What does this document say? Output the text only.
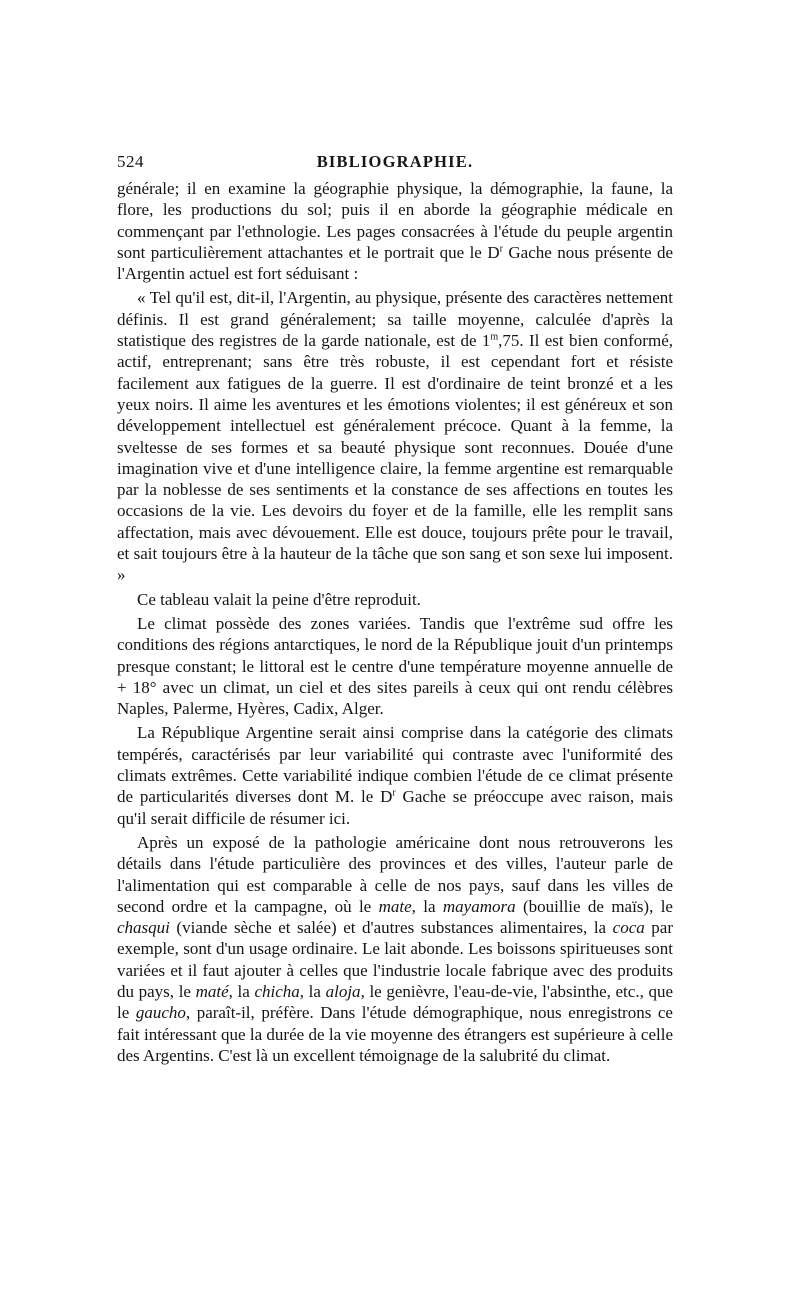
524	BIBLIOGRAPHIE.

générale; il en examine la géographie physique, la démographie, la faune, la flore, les productions du sol; puis il en aborde la géographie médicale en commençant par l'ethnologie. Les pages consacrées à l'étude du peuple argentin sont particulièrement attachantes et le portrait que le $D^r$ Gache nous présente de l'Argentin actuel est fort séduisant :

« Tel qu'il est, dit-il, l'Argentin, au physique, présente des caractères nettement définis. Il est grand généralement; sa taille moyenne, calculée d'après la statistique des registres de la garde nationale, est de 1$^m$,75. Il est bien conformé, actif, entreprenant; sans être très robuste, il est cependant fort et résiste facilement aux fatigues de la guerre. Il est d'ordinaire de teint bronzé et a les yeux noirs. Il aime les aventures et les émotions violentes; il est généreux et son développement intellectuel est généralement précoce. Quant à la femme, la sveltesse de ses formes et sa beauté physique sont reconnues. Douée d'une imagination vive et d'une intelligence claire, la femme argentine est remarquable par la noblesse de ses sentiments et la constance de ses affections en toutes les occasions de la vie. Les devoirs du foyer et de la famille, elle les remplit sans affectation, mais avec dévouement. Elle est douce, toujours prête pour le travail, et sait toujours être à la hauteur de la tâche que son sang et son sexe lui imposent. »

Ce tableau valait la peine d'être reproduit.

Le climat possède des zones variées. Tandis que l'extrême sud offre les conditions des régions antarctiques, le nord de la République jouit d'un printemps presque constant; le littoral est le centre d'une température moyenne annuelle de + 18° avec un climat, un ciel et des sites pareils à ceux qui ont rendu célèbres Naples, Palerme, Hyères, Cadix, Alger.

La République Argentine serait ainsi comprise dans la catégorie des climats tempérés, caractérisés par leur variabilité qui contraste avec l'uniformité des climats extrêmes. Cette variabilité indique combien l'étude de ce climat présente de particularités diverses dont M. le $D^r$ Gache se préoccupe avec raison, mais qu'il serait difficile de résumer ici.

Après un exposé de la pathologie américaine dont nous retrouverons les détails dans l'étude particulière des provinces et des villes, l'auteur parle de l'alimentation qui est comparable à celle de nos pays, sauf dans les villes de second ordre et la campagne, où le mate, la mayamora (bouillie de maïs), le chasqui (viande sèche et salée) et d'autres substances alimentaires, la coca par exemple, sont d'un usage ordinaire. Le lait abonde. Les boissons spiritueuses sont variées et il faut ajouter à celles que l'industrie locale fabrique avec des produits du pays, le maté, la chicha, la aloja, le genièvre, l'eau-de-vie, l'absinthe, etc., que le gaucho, paraît-il, préfère. Dans l'étude démographique, nous enregistrons ce fait intéressant que la durée de la vie moyenne des étrangers est supérieure à celle des Argentins. C'est là un excellent témoignage de la salubrité du climat.
